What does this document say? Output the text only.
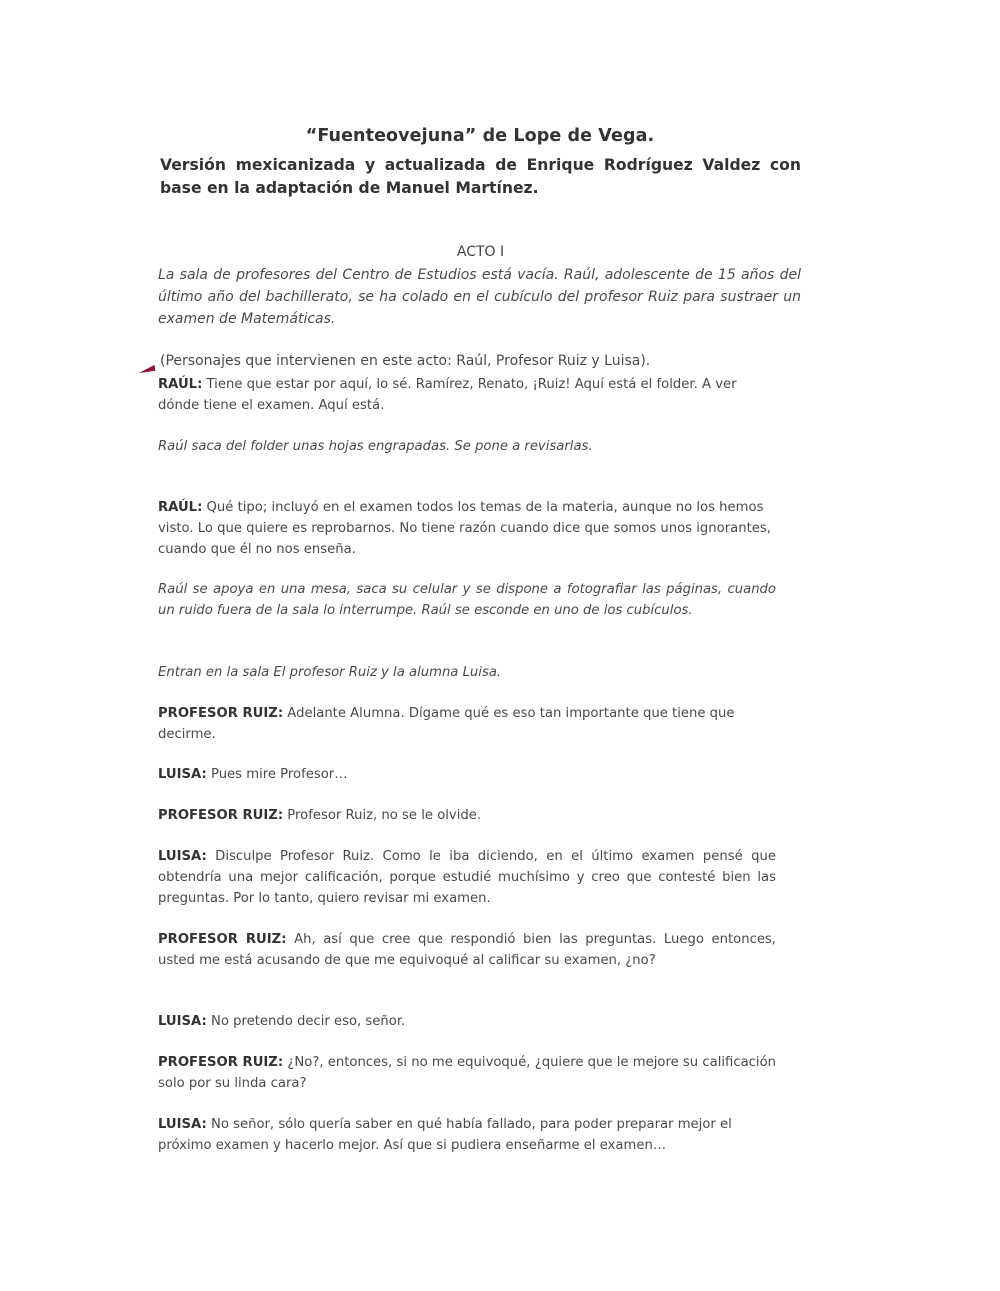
“Fuenteovejuna” de Lope de Vega.

Versión mexicanizada y actualizada de Enrique Rodríguez Valdez con base en la adaptación de Manuel Martínez.

ACTO I

La sala de profesores del Centro de Estudios está vacía. Raúl, adolescente de 15 años del último año del bachillerato, se ha colado en el cubículo del profesor Ruiz para sustraer un examen de Matemáticas.

(Personajes que intervienen en este acto: Raúl, Profesor Ruiz y Luisa).

RAÚL: Tiene que estar por aquí, lo sé. Ramírez, Renato, ¡Ruiz! Aquí está el folder. A ver dónde tiene el examen. Aquí está.

Raúl saca del folder unas hojas engrapadas. Se pone a revisarlas.

RAÚL: Qué tipo; incluyó en el examen todos los temas de la materia, aunque no los hemos visto. Lo que quiere es reprobarnos. No tiene razón cuando dice que somos unos ignorantes, cuando que él no nos enseña.

Raúl se apoya en una mesa, saca su celular y se dispone a fotografiar las páginas, cuando un ruido fuera de la sala lo interrumpe. Raúl se esconde en uno de los cubículos.

Entran en la sala El profesor Ruiz y la alumna Luisa.

PROFESOR RUIZ: Adelante Alumna. Dígame qué es eso tan importante que tiene que decirme.

LUISA: Pues mire Profesor…

PROFESOR RUIZ: Profesor Ruiz, no se le olvide.

LUISA: Disculpe Profesor Ruiz. Como le iba diciendo, en el último examen pensé que obtendría una mejor calificación, porque estudié muchísimo y creo que contesté bien las preguntas. Por lo tanto, quiero revisar mi examen.

PROFESOR RUIZ: Ah, así que cree que respondió bien las preguntas. Luego entonces, usted me está acusando de que me equivoqué al calificar su examen, ¿no?

LUISA: No pretendo decir eso, señor.

PROFESOR RUIZ: ¿No?, entonces, si no me equivoqué, ¿quiere que le mejore su calificación solo por su linda cara?

LUISA: No señor, sólo quería saber en qué había fallado, para poder preparar mejor el próximo examen y hacerlo mejor. Así que si pudiera enseñarme el examen…
